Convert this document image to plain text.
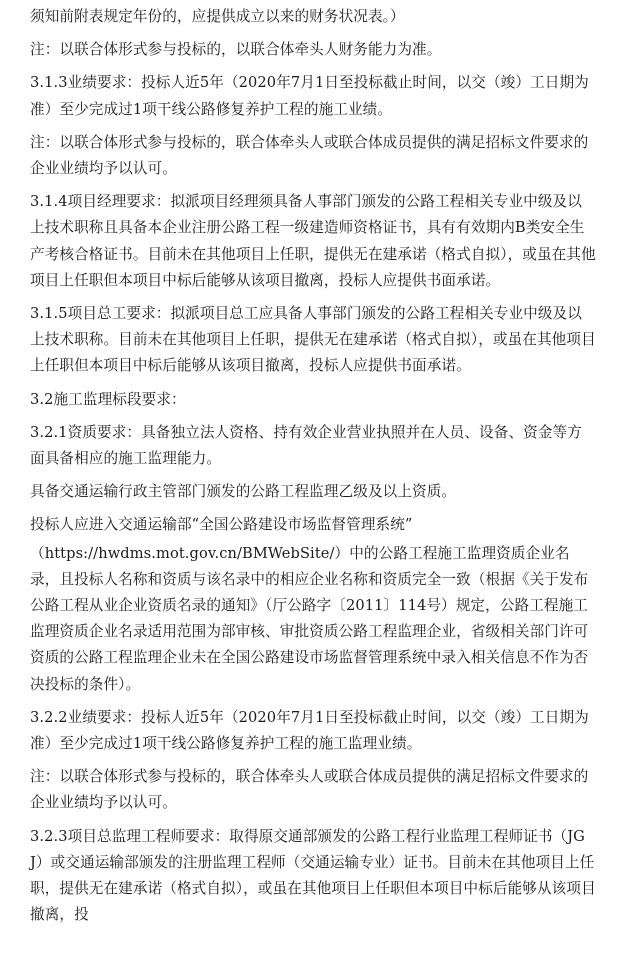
须知前附表规定年份的，应提供成立以来的财务状况表。）

注：以联合体形式参与投标的，以联合体牵头人财务能力为准。

3.1.3业绩要求：投标人近5年（2020年7月1日至投标截止时间，以交（竣）工日期为准）至少完成过1项干线公路修复养护工程的施工业绩。

注：以联合体形式参与投标的，联合体牵头人或联合体成员提供的满足招标文件要求的企业业绩均予以认可。

3.1.4项目经理要求：拟派项目经理须具备人事部门颁发的公路工程相关专业中级及以上技术职称且具备本企业注册公路工程一级建造师资格证书，具有有效期内B类安全生产考核合格证书。目前未在其他项目上任职，提供无在建承诺（格式自拟），或虽在其他项目上任职但本项目中标后能够从该项目撤离，投标人应提供书面承诺。

3.1.5项目总工要求：拟派项目总工应具备人事部门颁发的公路工程相关专业中级及以上技术职称。目前未在其他项目上任职，提供无在建承诺（格式自拟），或虽在其他项目上任职但本项目中标后能够从该项目撤离，投标人应提供书面承诺。

3.2施工监理标段要求：

3.2.1资质要求：具备独立法人资格、持有效企业营业执照并在人员、设备、资金等方面具备相应的施工监理能力。

具备交通运输行政主管部门颁发的公路工程监理乙级及以上资质。

投标人应进入交通运输部“全国公路建设市场监督管理系统”

（https://hwdms.mot.gov.cn/BMWebSite/）中的公路工程施工监理资质企业名录，且投标人名称和资质与该名录中的相应企业名称和资质完全一致（根据《关于发布公路工程从业企业资质名录的通知》（厅公路字〔2011〕114号）规定，公路工程施工监理资质企业名录适用范围为部审核、审批资质公路工程监理企业，省级相关部门许可资质的公路工程监理企业未在全国公路建设市场监督管理系统中录入相关信息不作为否决投标的条件）。

3.2.2业绩要求：投标人近5年（2020年7月1日至投标截止时间，以交（竣）工日期为准）至少完成过1项干线公路修复养护工程的施工监理业绩。

注：以联合体形式参与投标的，联合体牵头人或联合体成员提供的满足招标文件要求的企业业绩均予以认可。

3.2.3项目总监理工程师要求：取得原交通部颁发的公路工程行业监理工程师证书（JGJ）或交通运输部颁发的注册监理工程师（交通运输专业）证书。目前未在其他项目上任职，提供无在建承诺（格式自拟），或虽在其他项目上任职但本项目中标后能够从该项目撤离，投
